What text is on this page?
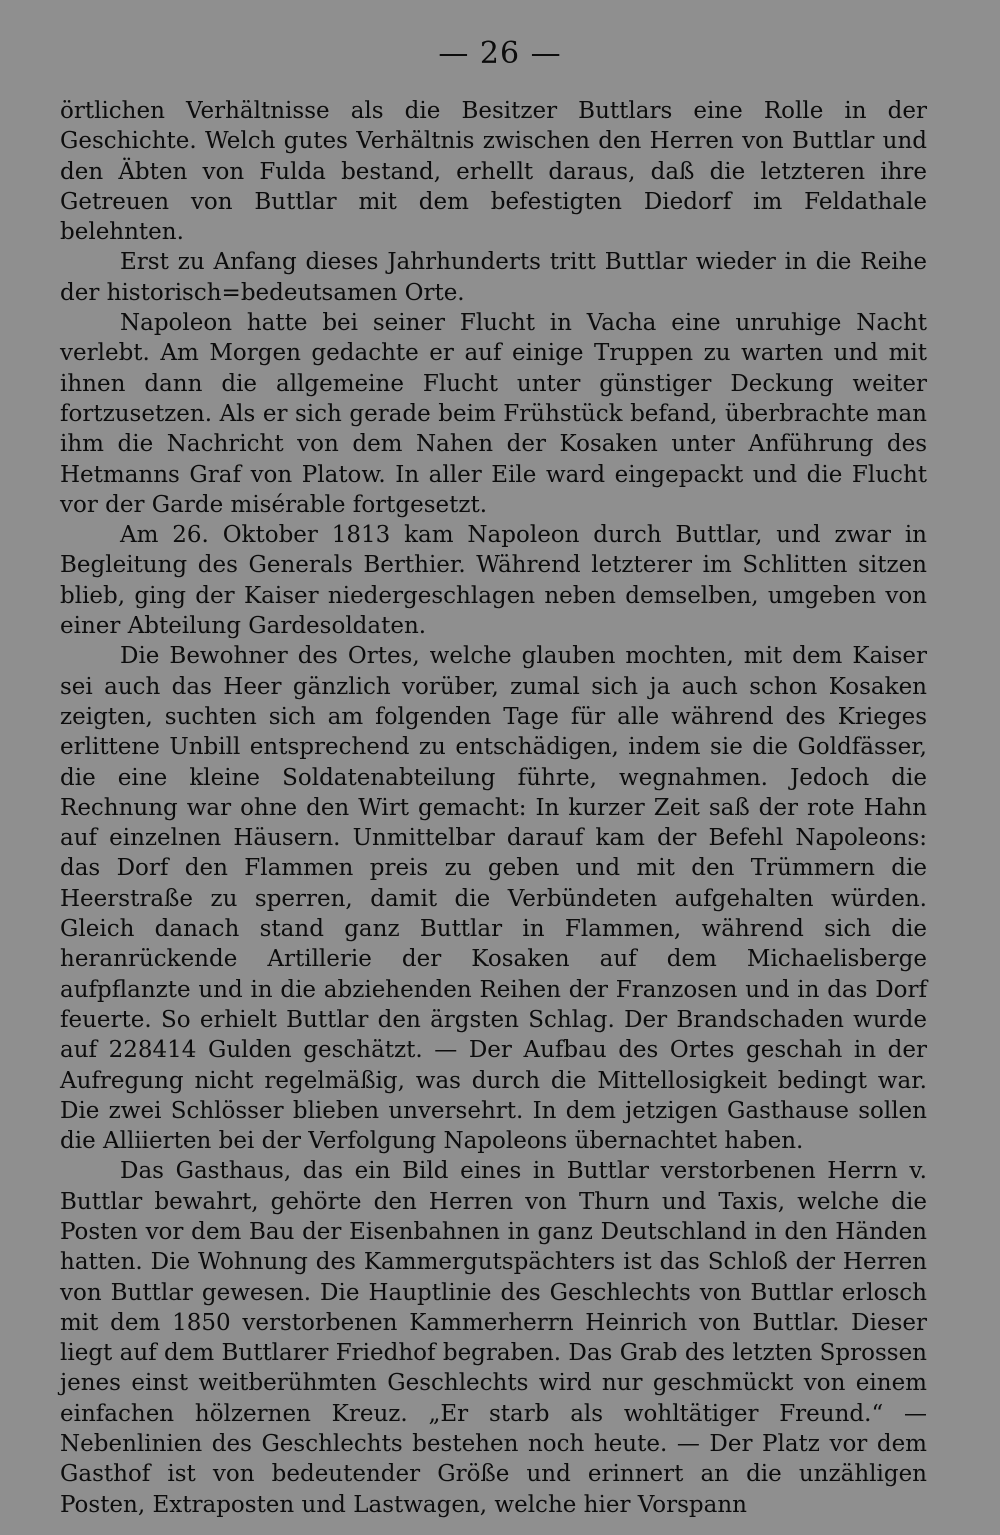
— 26 —

örtlichen Verhältnisse als die Besitzer Buttlars eine Rolle in der Geschichte. Welch gutes Verhältnis zwischen den Herren von Buttlar und den Äbten von Fulda bestand, erhellt daraus, daß die letzteren ihre Getreuen von Buttlar mit dem befestigten Diedorf im Feldathale belehnten.

Erst zu Anfang dieses Jahrhunderts tritt Buttlar wieder in die Reihe der historisch=bedeutsamen Orte.

Napoleon hatte bei seiner Flucht in Vacha eine unruhige Nacht verlebt. Am Morgen gedachte er auf einige Truppen zu warten und mit ihnen dann die allgemeine Flucht unter günstiger Deckung weiter fortzusetzen. Als er sich gerade beim Frühstück befand, überbrachte man ihm die Nachricht von dem Nahen der Kosaken unter Anführung des Hetmanns Graf von Platow. In aller Eile ward eingepackt und die Flucht vor der Garde misérable fortgesetzt.

Am 26. Oktober 1813 kam Napoleon durch Buttlar, und zwar in Begleitung des Generals Berthier. Während letzterer im Schlitten sitzen blieb, ging der Kaiser niedergeschlagen neben demselben, umgeben von einer Abteilung Gardesoldaten.

Die Bewohner des Ortes, welche glauben mochten, mit dem Kaiser sei auch das Heer gänzlich vorüber, zumal sich ja auch schon Kosaken zeigten, suchten sich am folgenden Tage für alle während des Krieges erlittene Unbill entsprechend zu entschädigen, indem sie die Goldfässer, die eine kleine Soldatenabteilung führte, wegnahmen. Jedoch die Rechnung war ohne den Wirt gemacht: In kurzer Zeit saß der rote Hahn auf einzelnen Häusern. Unmittelbar darauf kam der Befehl Napoleons: das Dorf den Flammen preis zu geben und mit den Trümmern die Heerstraße zu sperren, damit die Verbündeten aufgehalten würden. Gleich danach stand ganz Buttlar in Flammen, während sich die heranrückende Artillerie der Kosaken auf dem Michaelisberge aufpflanzte und in die abziehenden Reihen der Franzosen und in das Dorf feuerte. So erhielt Buttlar den ärgsten Schlag. Der Brandschaden wurde auf 228414 Gulden geschätzt. — Der Aufbau des Ortes geschah in der Aufregung nicht regelmäßig, was durch die Mittellosigkeit bedingt war. Die zwei Schlösser blieben unversehrt. In dem jetzigen Gasthause sollen die Alliierten bei der Verfolgung Napoleons übernachtet haben.

Das Gasthaus, das ein Bild eines in Buttlar verstorbenen Herrn v. Buttlar bewahrt, gehörte den Herren von Thurn und Taxis, welche die Posten vor dem Bau der Eisenbahnen in ganz Deutschland in den Händen hatten. Die Wohnung des Kammergutspächters ist das Schloß der Herren von Buttlar gewesen. Die Hauptlinie des Geschlechts von Buttlar erlosch mit dem 1850 verstorbenen Kammerherrn Heinrich von Buttlar. Dieser liegt auf dem Buttlarer Friedhof begraben. Das Grab des letzten Sprossen jenes einst weitberühmten Geschlechts wird nur geschmückt von einem einfachen hölzernen Kreuz. „Er starb als wohltätiger Freund.“ — Nebenlinien des Geschlechts bestehen noch heute. — Der Platz vor dem Gasthof ist von bedeutender Größe und erinnert an die unzähligen Posten, Extraposten und Lastwagen, welche hier Vorspann
